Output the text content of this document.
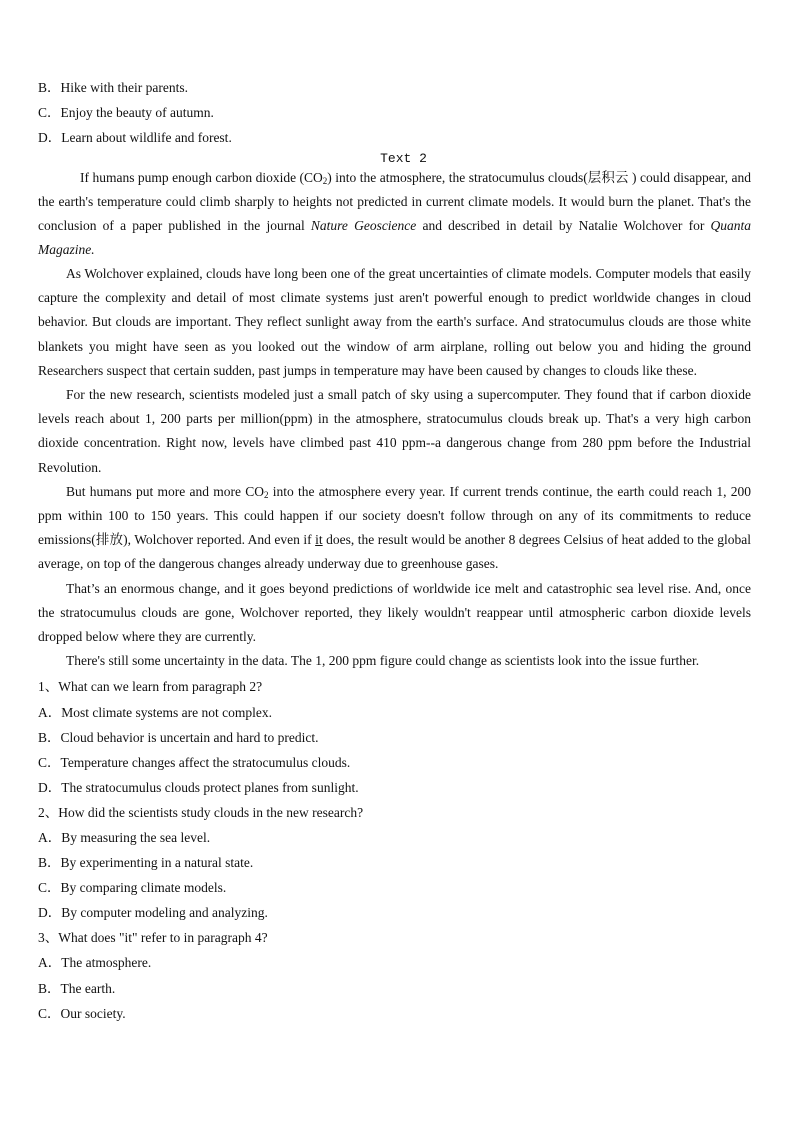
B．Hike with their parents.
C．Enjoy the beauty of autumn.
D．Learn about wildlife and forest.
Text 2

If humans pump enough carbon dioxide $(CO_2)$ into the atmosphere, the stratocumulus clouds(层积云 ) could disappear, and the earth's temperature could climb sharply to heights not predicted in current climate models. It would burn the planet. That's the conclusion of a paper published in the journal Nature Geoscience and described in detail by Natalie Wolchover for Quanta Magazine.

As Wolchover explained, clouds have long been one of the great uncertainties of climate models. Computer models that easily capture the complexity and detail of most climate systems just aren't powerful enough to predict worldwide changes in cloud behavior. But clouds are important. They reflect sunlight away from the earth's surface. And stratocumulus clouds are those white blankets you might have seen as you looked out the window of arm airplane, rolling out below you and hiding the ground Researchers suspect that certain sudden, past jumps in temperature may have been caused by changes to clouds like these.

For the new research, scientists modeled just a small patch of sky using a supercomputer. They found that if carbon dioxide levels reach about 1, 200 parts per million(ppm) in the atmosphere, stratocumulus clouds break up. That's a very high carbon dioxide concentration. Right now, levels have climbed past 410 ppm--a dangerous change from 280 ppm before the Industrial Revolution.

But humans put more and more $CO_2$ into the atmosphere every year. If current trends continue, the earth could reach 1, 200 ppm within 100 to 150 years. This could happen if our society doesn't follow through on any of its commitments to reduce emissions(排放), Wolchover reported. And even if it does, the result would be another 8 degrees Celsius of heat added to the global average, on top of the dangerous changes already underway due to greenhouse gases.

That’s an enormous change, and it goes beyond predictions of worldwide ice melt and catastrophic sea level rise. And, once the stratocumulus clouds are gone, Wolchover reported, they likely wouldn't reappear until atmospheric carbon dioxide levels dropped below where they are currently.

There's still some uncertainty in the data. The 1, 200 ppm figure could change as scientists look into the issue further.

1、What can we learn from paragraph 2?
A．Most climate systems are not complex.
B．Cloud behavior is uncertain and hard to predict.
C．Temperature changes affect the stratocumulus clouds.
D．The stratocumulus clouds protect planes from sunlight.
2、How did the scientists study clouds in the new research?
A．By measuring the sea level.
B．By experimenting in a natural state.
C．By comparing climate models.
D．By computer modeling and analyzing.
3、What does "it" refer to in paragraph 4?
A．The atmosphere.
B．The earth.
C．Our society.
